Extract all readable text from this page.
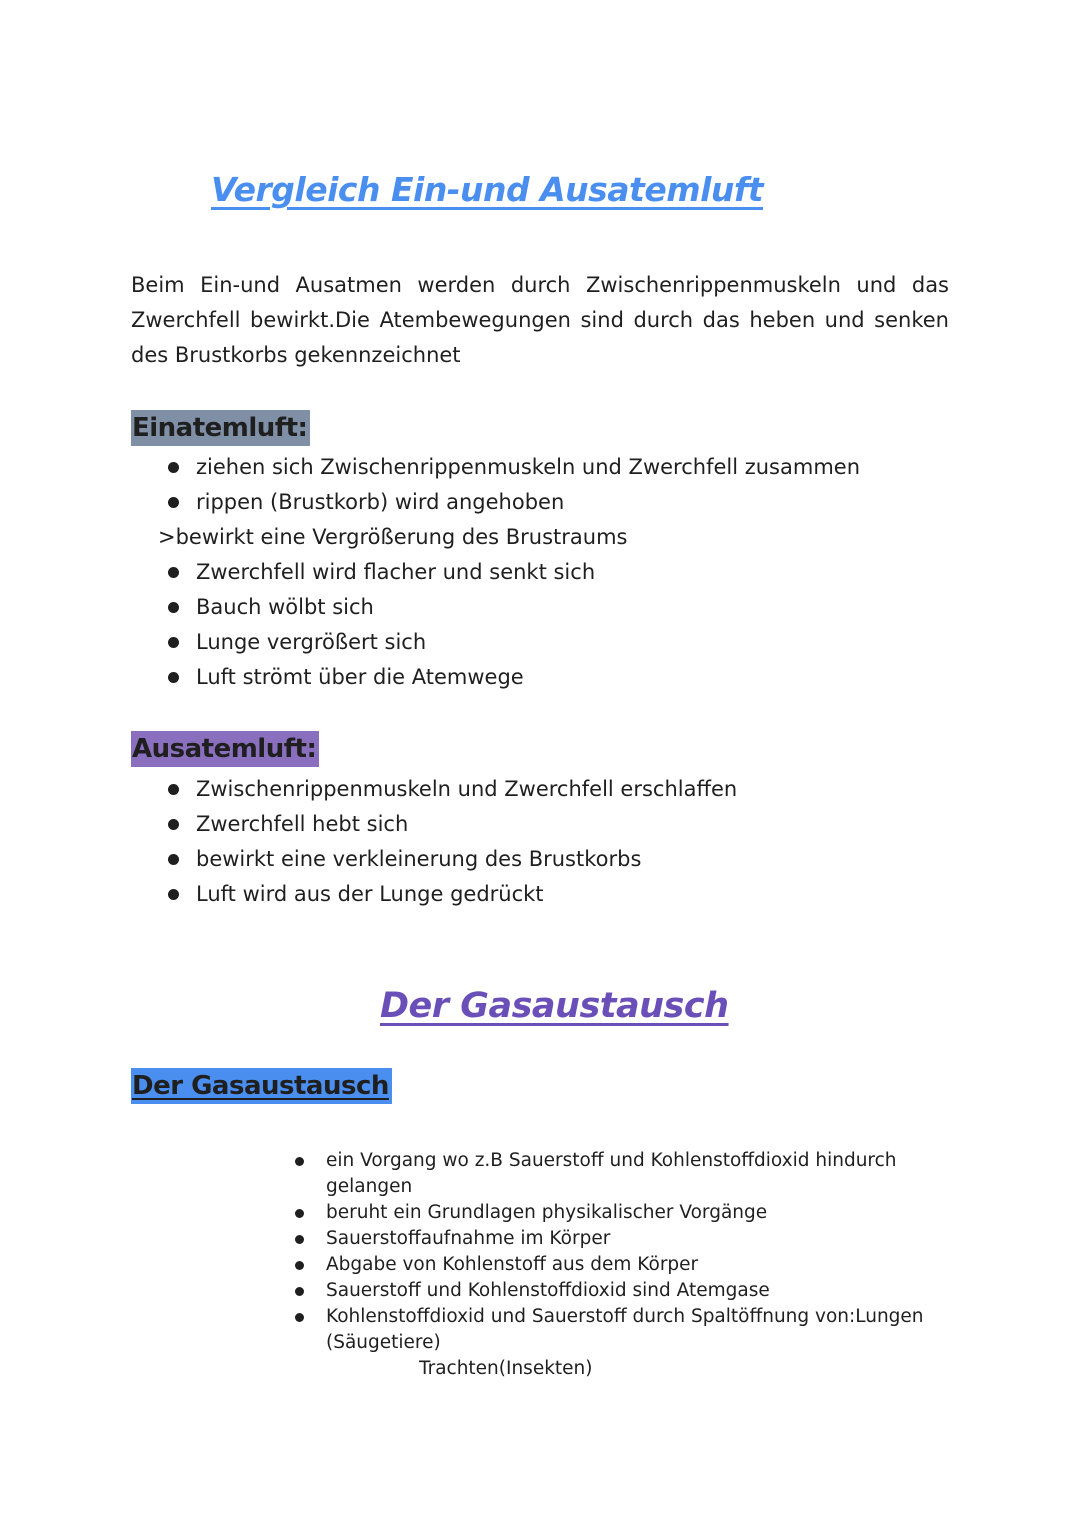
Vergleich Ein-und Ausatemluft

Beim Ein-und Ausatmen werden durch Zwischenrippenmuskeln und das Zwerchfell bewirkt.Die Atembewegungen sind durch das heben und senken des Brustkorbs gekennzeichnet

Einatemluft:
ziehen sich Zwischenrippenmuskeln und Zwerchfell zusammen
rippen (Brustkorb) wird angehoben
>bewirkt eine Vergrößerung des Brustraums
Zwerchfell wird flacher und senkt sich
Bauch wölbt sich
Lunge vergrößert sich
Luft strömt über die Atemwege
Ausatemluft:
Zwischenrippenmuskeln und Zwerchfell erschlaffen
Zwerchfell hebt sich
bewirkt eine verkleinerung des Brustkorbs
Luft wird aus der Lunge gedrückt
Der Gasaustausch
Der Gasaustausch
ein Vorgang wo z.B Sauerstoff und Kohlenstoffdioxid hindurch gelangen
beruht ein Grundlagen physikalischer Vorgänge
Sauerstoffaufnahme im Körper
Abgabe von Kohlenstoff aus dem Körper
Sauerstoff und Kohlenstoffdioxid sind Atemgase
Kohlenstoffdioxid und Sauerstoff durch Spaltöffnung von:Lungen (Säugetiere)
Trachten(Insekten)
